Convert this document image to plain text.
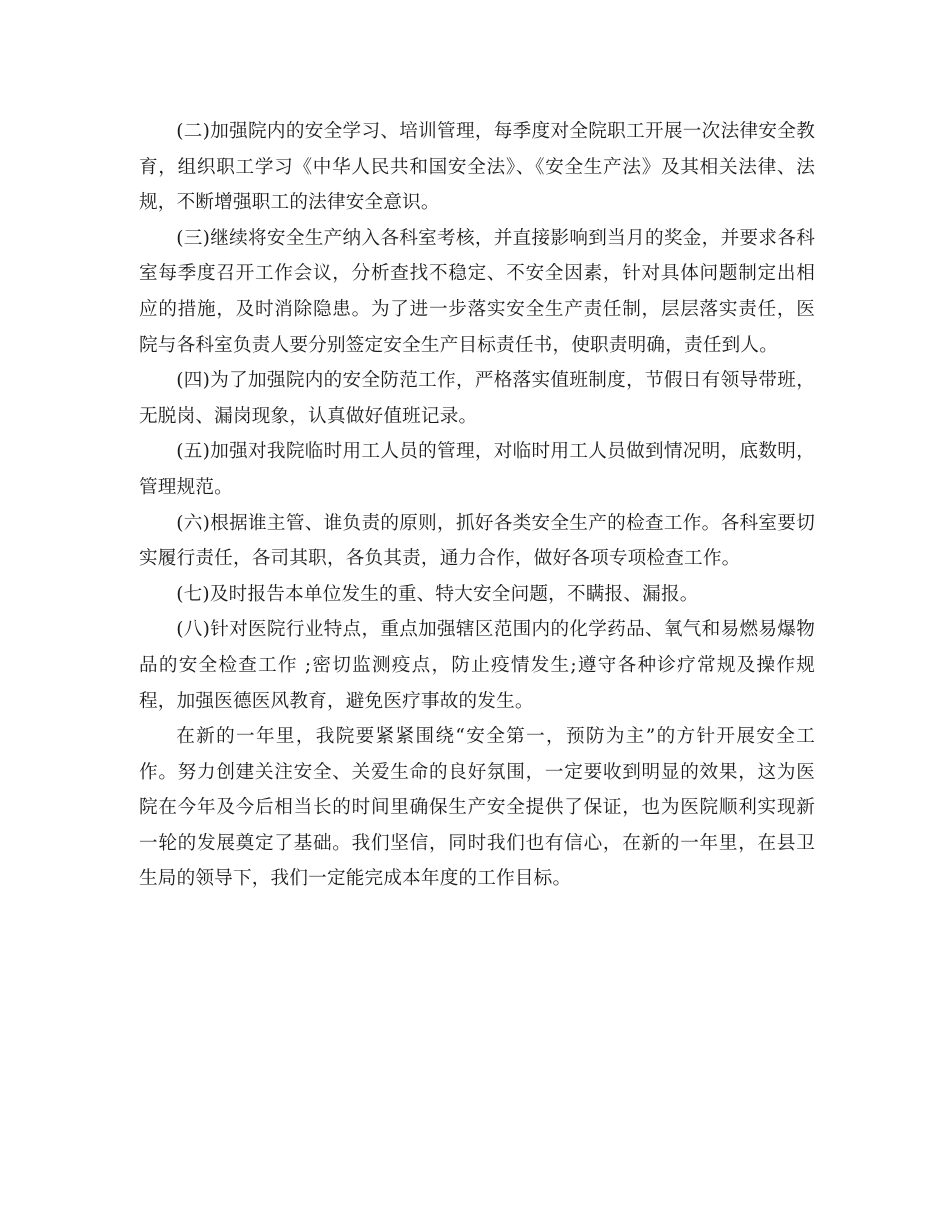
(二)加强院内的安全学习、培训管理，每季度对全院职工开展一次法律安全教育，组织职工学习《中华人民共和国安全法》、《安全生产法》及其相关法律、法规，不断增强职工的法律安全意识。

(三)继续将安全生产纳入各科室考核，并直接影响到当月的奖金，并要求各科室每季度召开工作会议，分析查找不稳定、不安全因素，针对具体问题制定出相应的措施，及时消除隐患。为了进一步落实安全生产责任制，层层落实责任，医院与各科室负责人要分别签定安全生产目标责任书，使职责明确，责任到人。

(四)为了加强院内的安全防范工作，严格落实值班制度，节假日有领导带班，无脱岗、漏岗现象，认真做好值班记录。

(五)加强对我院临时用工人员的管理，对临时用工人员做到情况明，底数明，管理规范。

(六)根据谁主管、谁负责的原则，抓好各类安全生产的检查工作。各科室要切实履行责任，各司其职，各负其责，通力合作，做好各项专项检查工作。

(七)及时报告本单位发生的重、特大安全问题，不瞒报、漏报。

(八)针对医院行业特点，重点加强辖区范围内的化学药品、氧气和易燃易爆物品的安全检查工作 ;密切监测疫点，防止疫情发生;遵守各种诊疗常规及操作规程，加强医德医风教育，避免医疗事故的发生。

在新的一年里，我院要紧紧围绕“安全第一，预防为主”的方针开展安全工作。努力创建关注安全、关爱生命的良好氛围，一定要收到明显的效果，这为医院在今年及今后相当长的时间里确保生产安全提供了保证，也为医院顺利实现新一轮的发展奠定了基础。我们坚信，同时我们也有信心，在新的一年里，在县卫生局的领导下，我们一定能完成本年度的工作目标。
